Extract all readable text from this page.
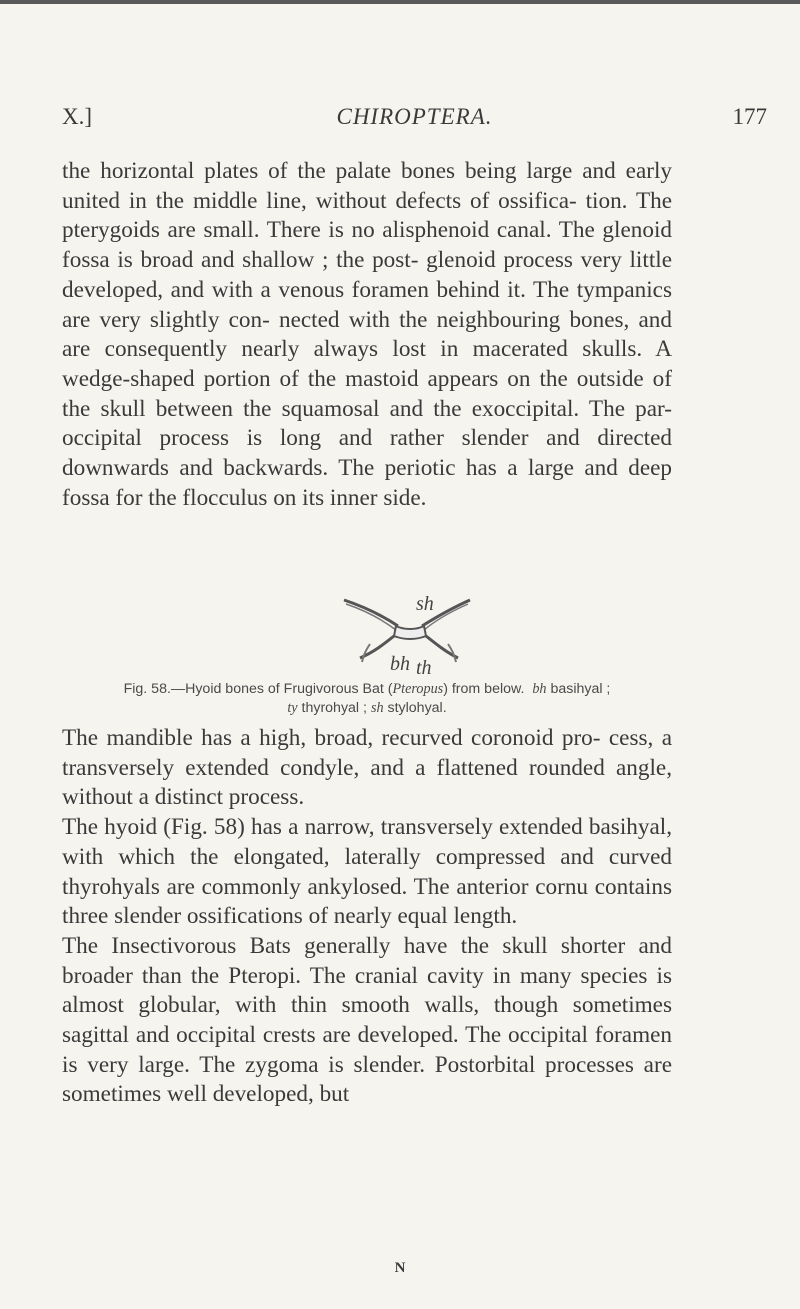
X.]	CHIROPTERA.	177

the horizontal plates of the palate bones being large and early united in the middle line, without defects of ossifica- tion. The pterygoids are small. There is no alisphenoid canal. The glenoid fossa is broad and shallow ; the post- glenoid process very little developed, and with a venous foramen behind it. The tympanics are very slightly con- nected with the neighbouring bones, and are consequently nearly always lost in macerated skulls. A wedge-shaped portion of the mastoid appears on the outside of the skull between the squamosal and the exoccipital. The par- occipital process is long and rather slender and directed downwards and backwards. The periotic has a large and deep fossa for the flocculus on its inner side.

sh
bh th
Fig. 58.—Hyoid bones of Frugivorous Bat (Pteropus) from below. bh basihyal ;
ty thyrohyal ; sh stylohyal.

The mandible has a high, broad, recurved coronoid pro- cess, a transversely extended condyle, and a flattened rounded angle, without a distinct process.

The hyoid (Fig. 58) has a narrow, transversely extended basihyal, with which the elongated, laterally compressed and curved thyrohyals are commonly ankylosed. The anterior cornu contains three slender ossifications of nearly equal length.

The Insectivorous Bats generally have the skull shorter and broader than the Pteropi. The cranial cavity in many species is almost globular, with thin smooth walls, though sometimes sagittal and occipital crests are developed. The occipital foramen is very large. The zygoma is slender. Postorbital processes are sometimes well developed, but

N
